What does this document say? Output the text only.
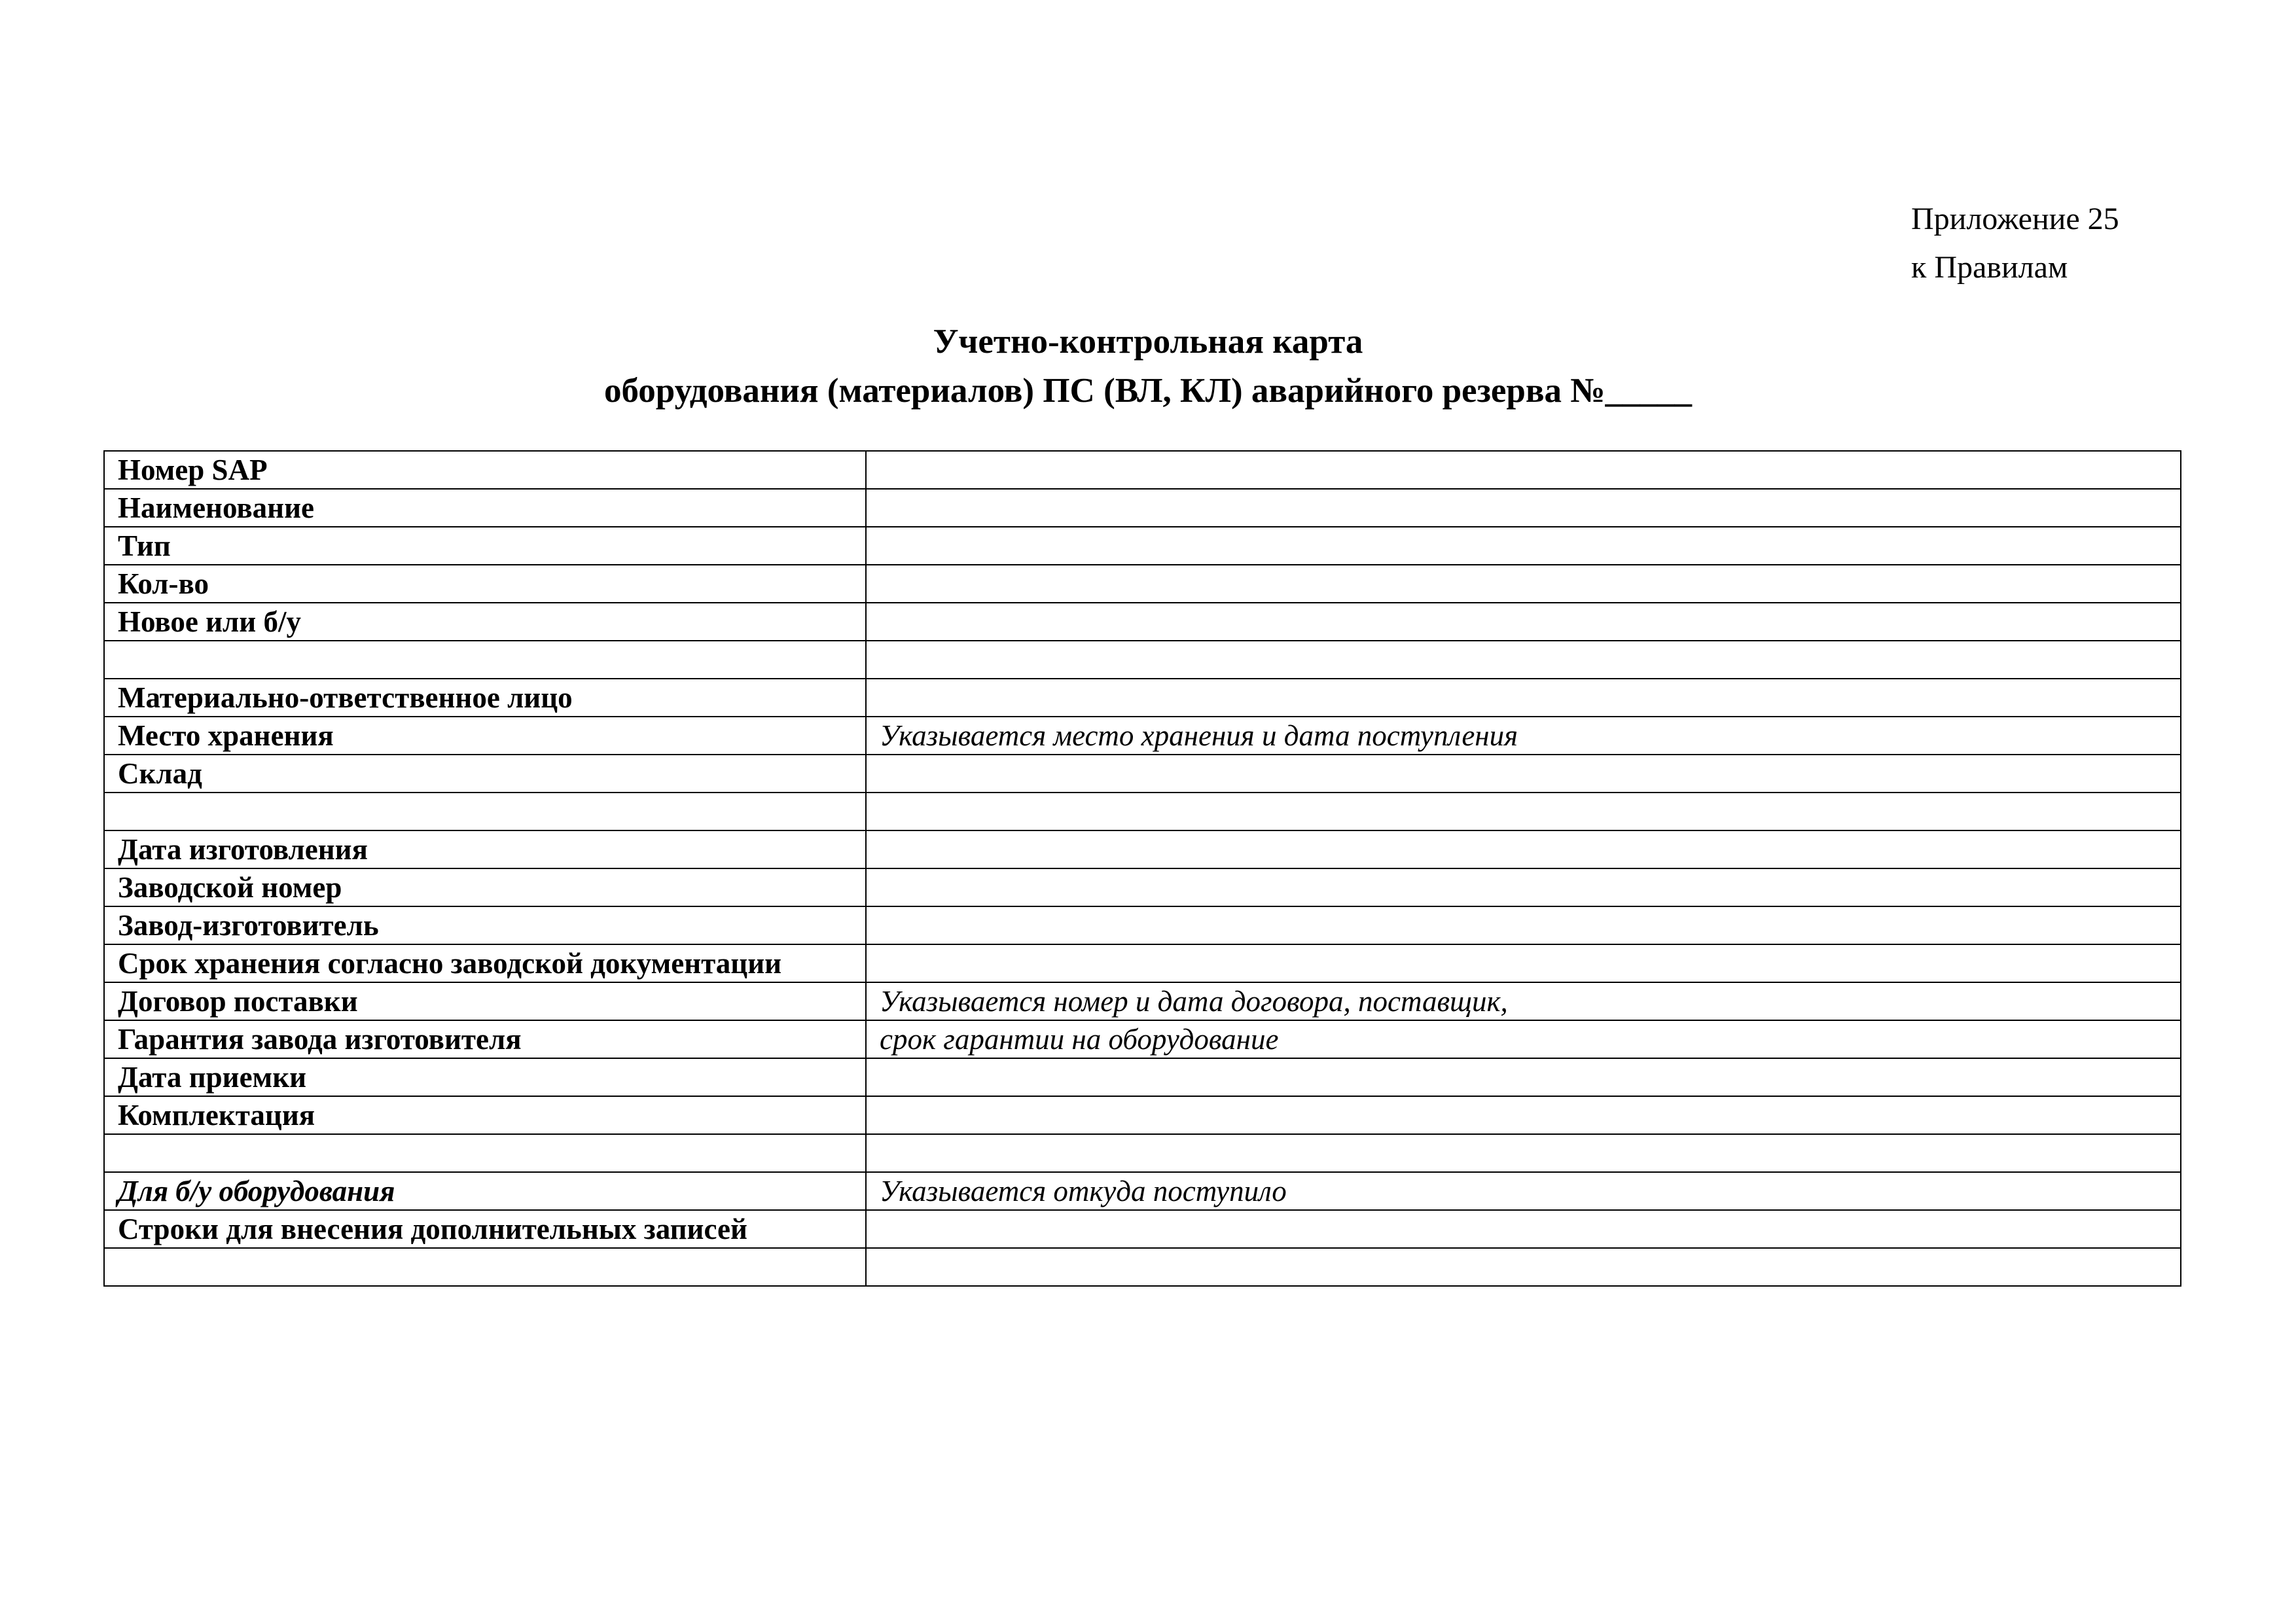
Приложение 25
к Правилам
Учетно-контрольная карта
оборудования (материалов) ПС (ВЛ, КЛ) аварийного резерва №_____
Номер SAP	
Наименование	
Тип	
Кол-во	
Новое или б/у	

Материально-ответственное лицо	
Место хранения	Указывается место хранения и дата поступления
Склад	

Дата изготовления	
Заводской номер	
Завод-изготовитель	
Срок хранения согласно заводской документации	
Договор поставки	Указывается номер и дата договора, поставщик,
Гарантия завода изготовителя	срок гарантии на оборудование
Дата приемки	
Комплектация	

Для б/у оборудования	Указывается откуда поступило
Строки для внесения дополнительных записей	
